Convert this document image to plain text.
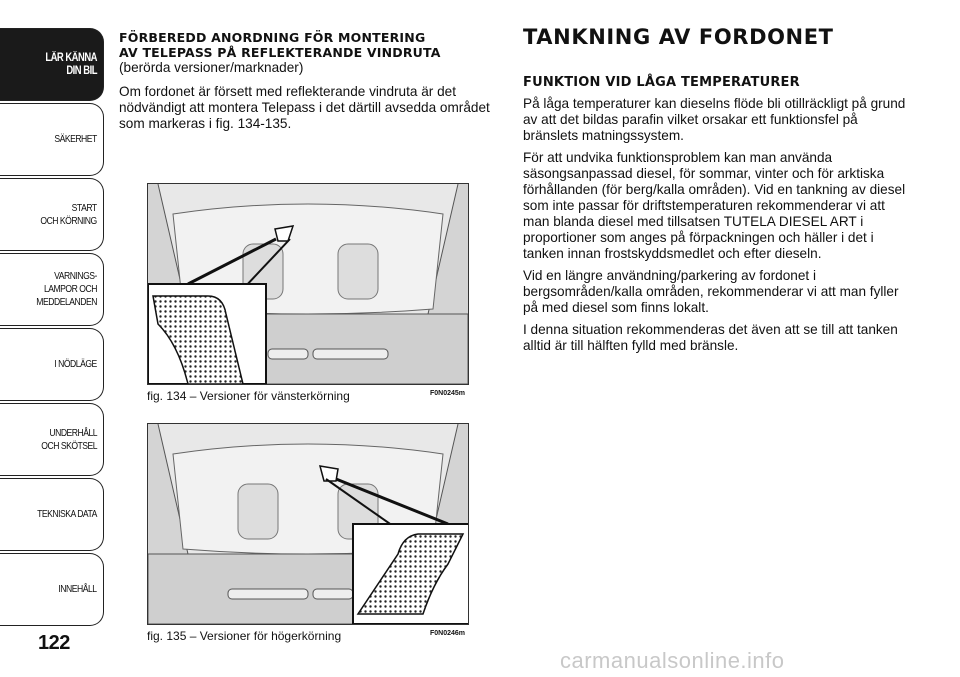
LÄR KÄNNA
DIN BIL
SÄKERHET
START
OCH KÖRNING
VARNINGS-
LAMPOR OCH
MEDDELANDEN
I NÖDLÄGE
UNDERHÅLL
OCH SKÖTSEL
TEKNISKA DATA
INNEHÅLL
122

FÖRBEREDD ANORDNING FÖR MONTERING

AV TELEPASS PÅ REFLEKTERANDE VINDRUTA

(berörda versioner/marknader)

Om fordonet är försett med reflekterande vindruta är det nödvändigt att montera Telepass i det därtill avsedda området som markeras i fig. 134-135.

fig. 134 – Versioner för vänsterkörning	F0N0245m
fig. 135 – Versioner för högerkörning	F0N0246m
TANKNING AV FORDONET

FUNKTION VID LÅGA TEMPERATURER

På låga temperaturer kan dieselns flöde bli otillräckligt på grund av att det bildas parafin vilket orsakar ett funktionsfel på bränslets matningssystem.

För att undvika funktionsproblem kan man använda säsongsanpassad diesel, för sommar, vinter och för arktiska förhållanden (för berg/kalla områden). Vid en tankning av diesel som inte passar för driftstemperaturen rekommenderar vi att man blanda diesel med tillsatsen TUTELA DIESEL ART i proportioner som anges på förpackningen och häller i det i tanken innan frostskyddsmedlet och efter dieseln.

Vid en längre användning/parkering av fordonet i bergsområden/kalla områden, rekommenderar vi att man fyller på med diesel som finns lokalt.

I denna situation rekommenderas det även att se till att tanken alltid är till hälften fylld med bränsle.

carmanualsonline.info
